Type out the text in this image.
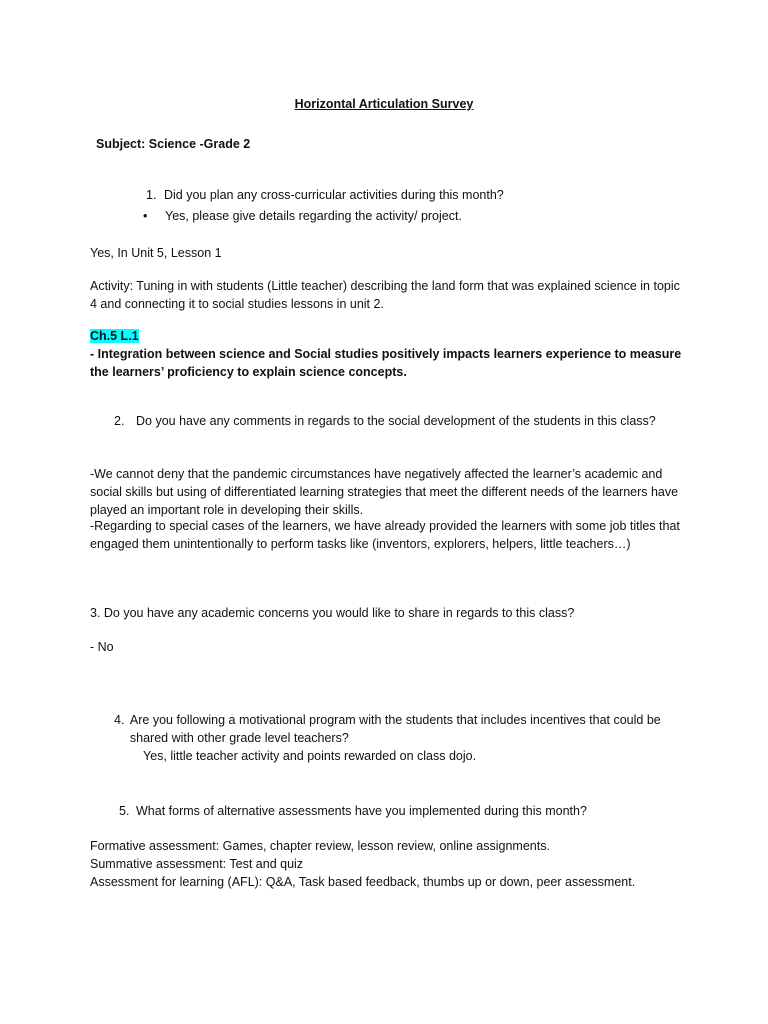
Horizontal Articulation Survey

Subject: Science -Grade 2

1. Did you plan any cross-curricular activities during this month?
•	Yes, please give details regarding the activity/ project.

Yes, In Unit 5, Lesson 1

Activity: Tuning in with students (Little teacher) describing the land form that was explained science in topic 4 and connecting it to social studies lessons in unit 2.

Ch.5 L.1

- Integration between science and Social studies positively impacts learners experience to measure the learners’ proficiency to explain science concepts.

2. Do you have any comments in regards to the social development of the students in this class?

-We cannot deny that the pandemic circumstances have negatively affected the learner’s academic and social skills but using of differentiated learning strategies that meet the different needs of the learners have played an important role in developing their skills.

-Regarding to special cases of the learners, we have already provided the learners with some job titles that engaged them unintentionally to perform tasks like (inventors, explorers, helpers, little teachers…)

3. Do you have any academic concerns you would like to share in regards to this class?

- No

4. Are you following a motivational program with the students that includes incentives that could be shared with other grade level teachers?

Yes, little teacher activity and points rewarded on class dojo.

5. What forms of alternative assessments have you implemented during this month?
Formative assessment: Games, chapter review, lesson review, online assignments.
Summative assessment: Test and quiz
Assessment for learning (AFL): Q&A, Task based feedback, thumbs up or down, peer assessment.
